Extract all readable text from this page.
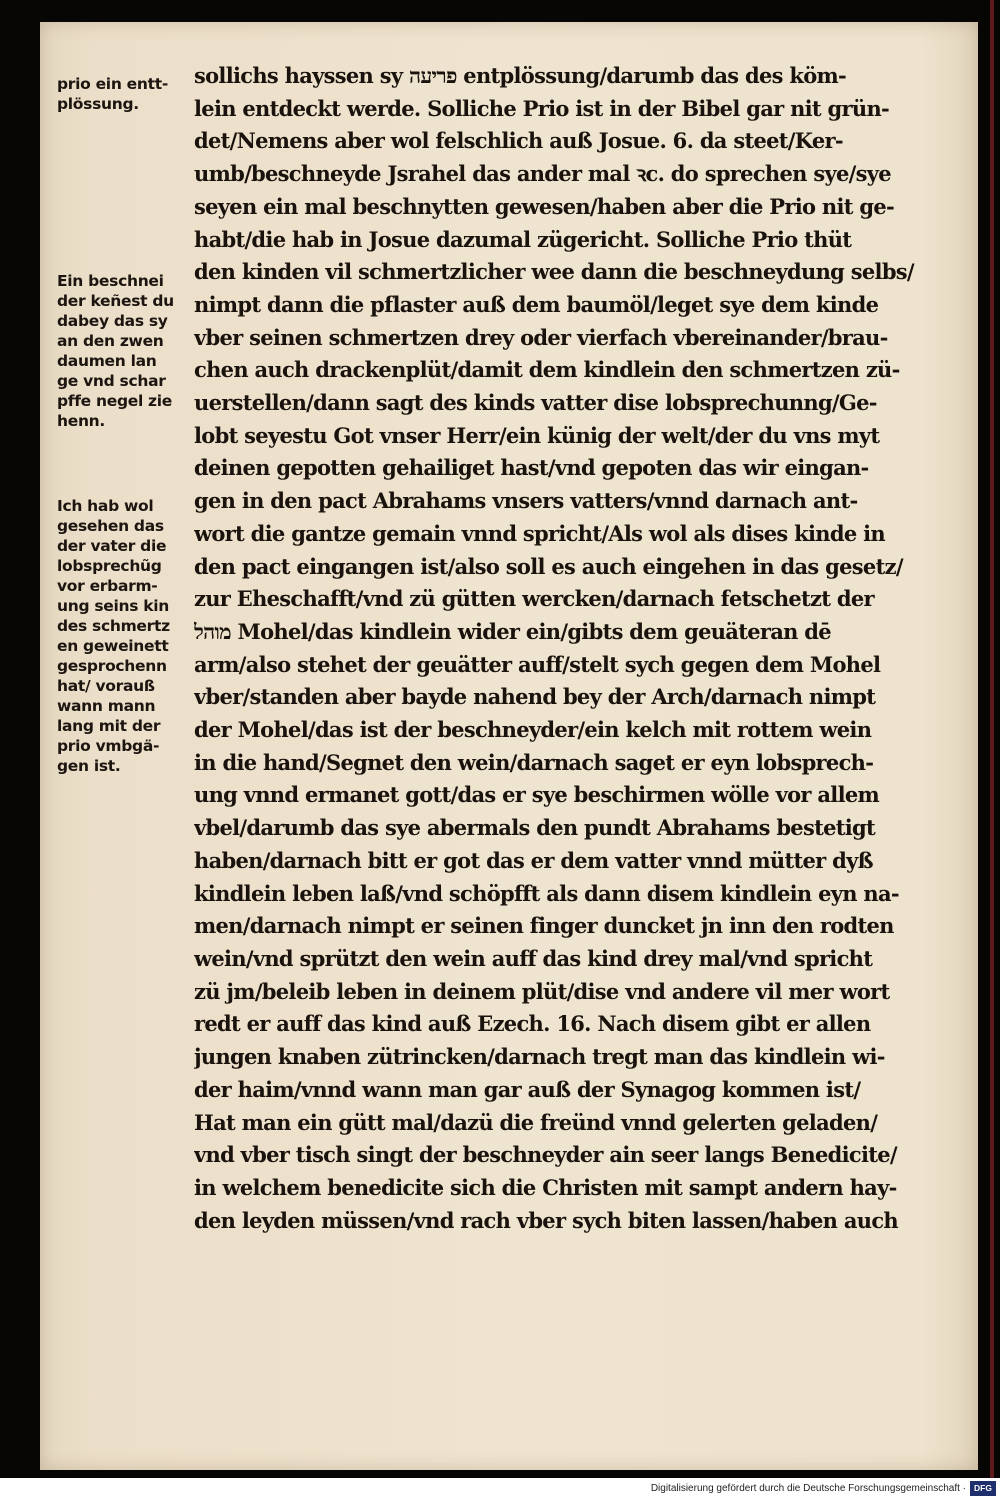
prio ein entt-
plössung.
Ein beschnei
der keñest du
dabey das sy
an den zwen
daumen lan
ge vnd schar
pffe negel zie
henn.
Ich hab wol
gesehen das
der vater die
lobsprechũg
vor erbarm-
ung seins kin
des schmertz
en geweinett
gesprochenn
hat/ vorauß
wann mann
lang mit der
prio vmbgä-
gen ist.
sollichs hayssen sy פריעה entplössung/darumb das des köm-
lein entdeckt werde. Solliche Prio ist in der Bibel gar nit grün-
det/Nemens aber wol felschlich auß Josue. 6. da steet/Ker-
umb/beschneyde Jsrahel das ander mal ꝛc. do sprechen sye/sye
seyen ein mal beschnytten gewesen/haben aber die Prio nit ge-
habt/die hab in Josue dazumal zügericht. Solliche Prio thüt
den kinden vil schmertzlicher wee dann die beschneydung selbs/
nimpt dann die pflaster auß dem baumöl/leget sye dem kinde
vber seinen schmertzen drey oder vierfach vbereinander/brau-
chen auch drackenplüt/damit dem kindlein den schmertzen zü-
uerstellen/dann sagt des kinds vatter dise lobsprechunng/Ge-
lobt seyestu Got vnser Herr/ein künig der welt/der du vns myt
deinen gepotten gehailiget hast/vnd gepoten das wir eingan-
gen in den pact Abrahams vnsers vatters/vnnd darnach ant-
wort die gantze gemain vnnd spricht/Als wol als dises kinde in
den pact eingangen ist/also soll es auch eingehen in das gesetz/
zur Eheschafft/vnd zü gütten wercken/darnach fetschetzt der
מוהל Mohel/das kindlein wider ein/gibts dem geuäteran dē
arm/also stehet der geuätter auff/stelt sych gegen dem Mohel
vber/standen aber bayde nahend bey der Arch/darnach nimpt
der Mohel/das ist der beschneyder/ein kelch mit rottem wein
in die hand/Segnet den wein/darnach saget er eyn lobsprech-
ung vnnd ermanet gott/das er sye beschirmen wölle vor allem
vbel/darumb das sye abermals den pundt Abrahams bestetigt
haben/darnach bitt er got das er dem vatter vnnd mütter dyß
kindlein leben laß/vnd schöpfft als dann disem kindlein eyn na-
men/darnach nimpt er seinen finger duncket jn inn den rodten
wein/vnd sprützt den wein auff das kind drey mal/vnd spricht
zü jm/beleib leben in deinem plüt/dise vnd andere vil mer wort
redt er auff das kind auß Ezech. 16. Nach disem gibt er allen
jungen knaben zütrincken/darnach tregt man das kindlein wi-
der haim/vnnd wann man gar auß der Synagog kommen ist/
Hat man ein gütt mal/dazü die freünd vnnd gelerten geladen/
vnd vber tisch singt der beschneyder ain seer langs Benedicite/
in welchem benedicite sich die Christen mit sampt andern hay-
den leyden müssen/vnd rach vber sych biten lassen/haben auch
Digitalisierung gefördert durch die Deutsche Forschungsgemeinschaft · DFG
